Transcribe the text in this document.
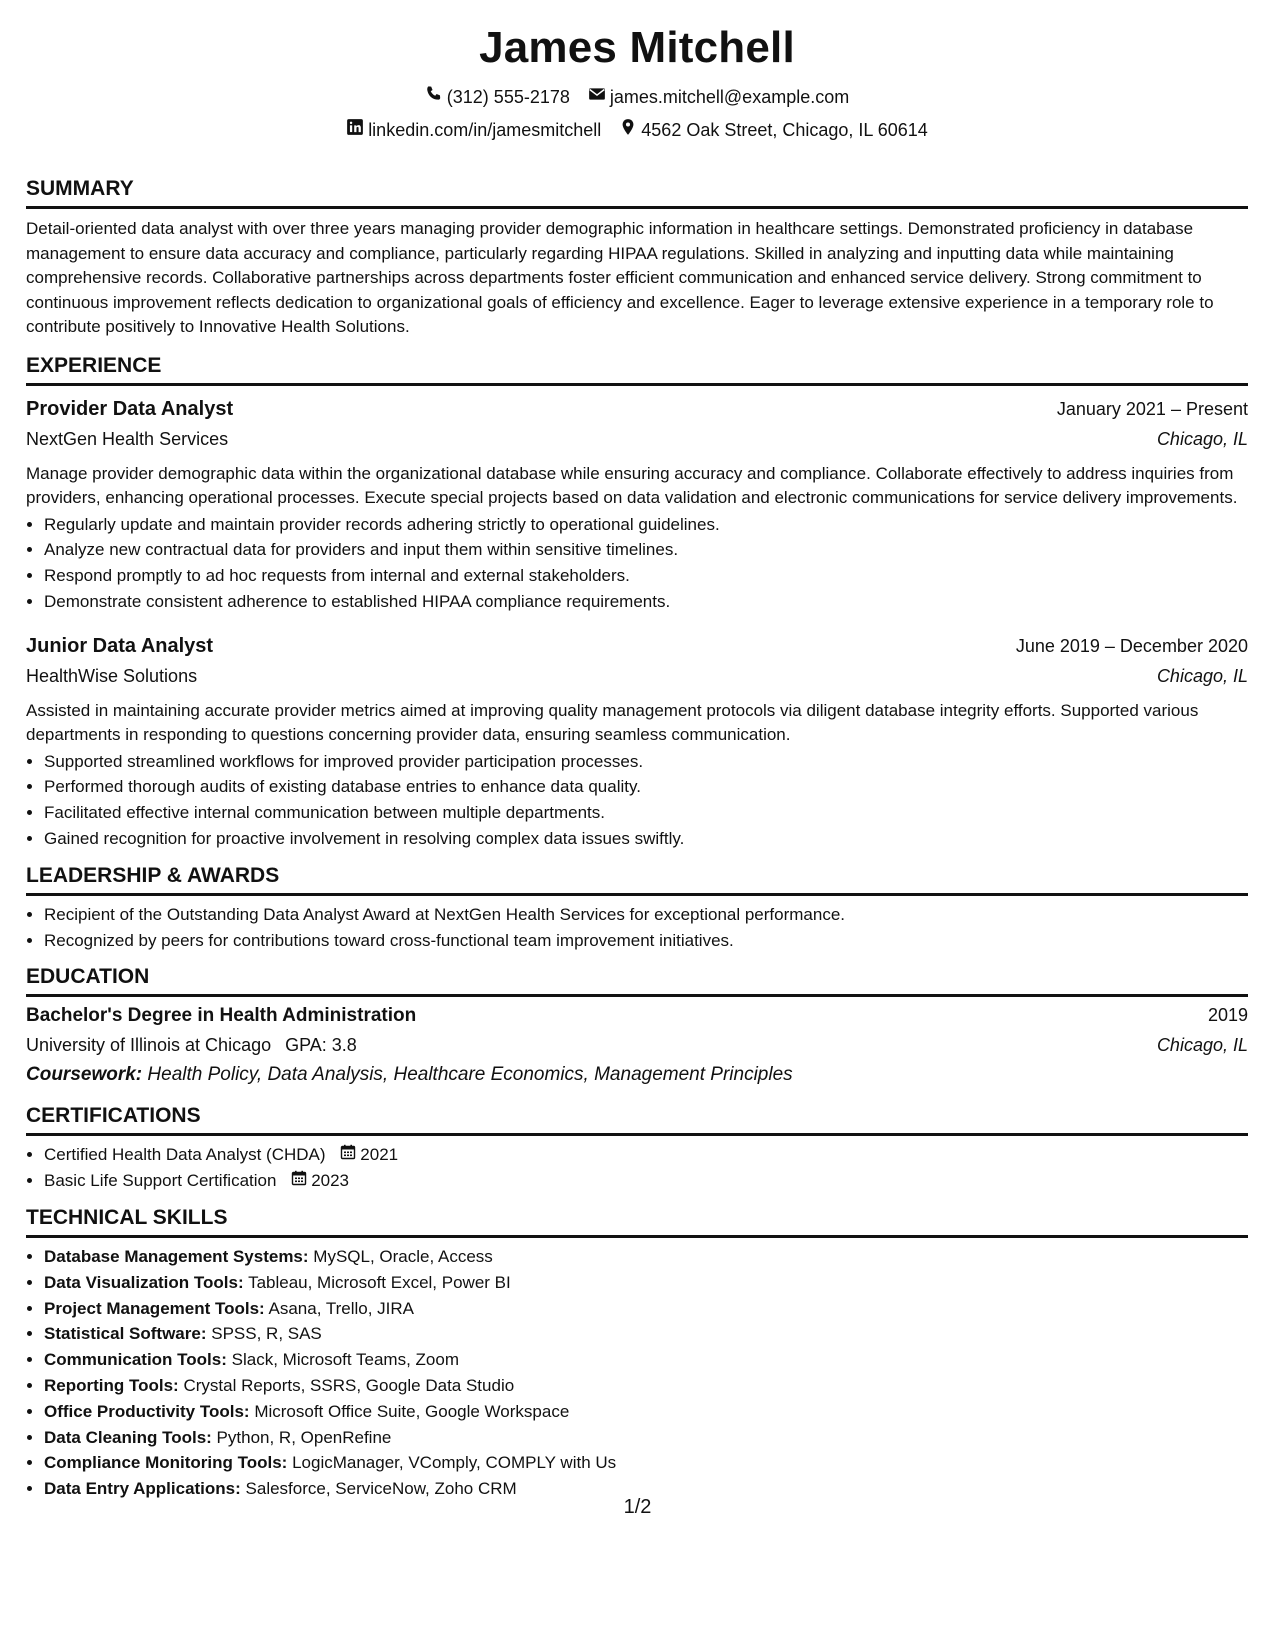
James Mitchell
(312) 555-2178 james.mitchell@example.com
linkedin.com/in/jamesmitchell 4562 Oak Street, Chicago, IL 60614
SUMMARY

Detail-oriented data analyst with over three years managing provider demographic information in healthcare settings. Demonstrated proficiency in database management to ensure data accuracy and compliance, particularly regarding HIPAA regulations. Skilled in analyzing and inputting data while maintaining comprehensive records. Collaborative partnerships across departments foster efficient communication and enhanced service delivery. Strong commitment to continuous improvement reflects dedication to organizational goals of efficiency and excellence. Eager to leverage extensive experience in a temporary role to contribute positively to Innovative Health Solutions.

EXPERIENCE
Provider Data Analyst	January 2021 – Present
NextGen Health Services	Chicago, IL

Manage provider demographic data within the organizational database while ensuring accuracy and compliance. Collaborate effectively to address inquiries from providers, enhancing operational processes. Execute special projects based on data validation and electronic communications for service delivery improvements.

• Regularly update and maintain provider records adhering strictly to operational guidelines.
• Analyze new contractual data for providers and input them within sensitive timelines.
• Respond promptly to ad hoc requests from internal and external stakeholders.
• Demonstrate consistent adherence to established HIPAA compliance requirements.
Junior Data Analyst	June 2019 – December 2020
HealthWise Solutions	Chicago, IL

Assisted in maintaining accurate provider metrics aimed at improving quality management protocols via diligent database integrity efforts. Supported various departments in responding to questions concerning provider data, ensuring seamless communication.

• Supported streamlined workflows for improved provider participation processes.
• Performed thorough audits of existing database entries to enhance data quality.
• Facilitated effective internal communication between multiple departments.
• Gained recognition for proactive involvement in resolving complex data issues swiftly.
LEADERSHIP & AWARDS
• Recipient of the Outstanding Data Analyst Award at NextGen Health Services for exceptional performance.
• Recognized by peers for contributions toward cross-functional team improvement initiatives.
EDUCATION
Bachelor's Degree in Health Administration	2019
University of Illinois at Chicago GPA: 3.8	Chicago, IL
Coursework: Health Policy, Data Analysis, Healthcare Economics, Management Principles
CERTIFICATIONS
• Certified Health Data Analyst (CHDA) 2021
• Basic Life Support Certification 2023
TECHNICAL SKILLS
• Database Management Systems: MySQL, Oracle, Access
• Data Visualization Tools: Tableau, Microsoft Excel, Power BI
• Project Management Tools: Asana, Trello, JIRA
• Statistical Software: SPSS, R, SAS
• Communication Tools: Slack, Microsoft Teams, Zoom
• Reporting Tools: Crystal Reports, SSRS, Google Data Studio
• Office Productivity Tools: Microsoft Office Suite, Google Workspace
• Data Cleaning Tools: Python, R, OpenRefine
• Compliance Monitoring Tools: LogicManager, VComply, COMPLY with Us
• Data Entry Applications: Salesforce, ServiceNow, Zoho CRM
1/2
